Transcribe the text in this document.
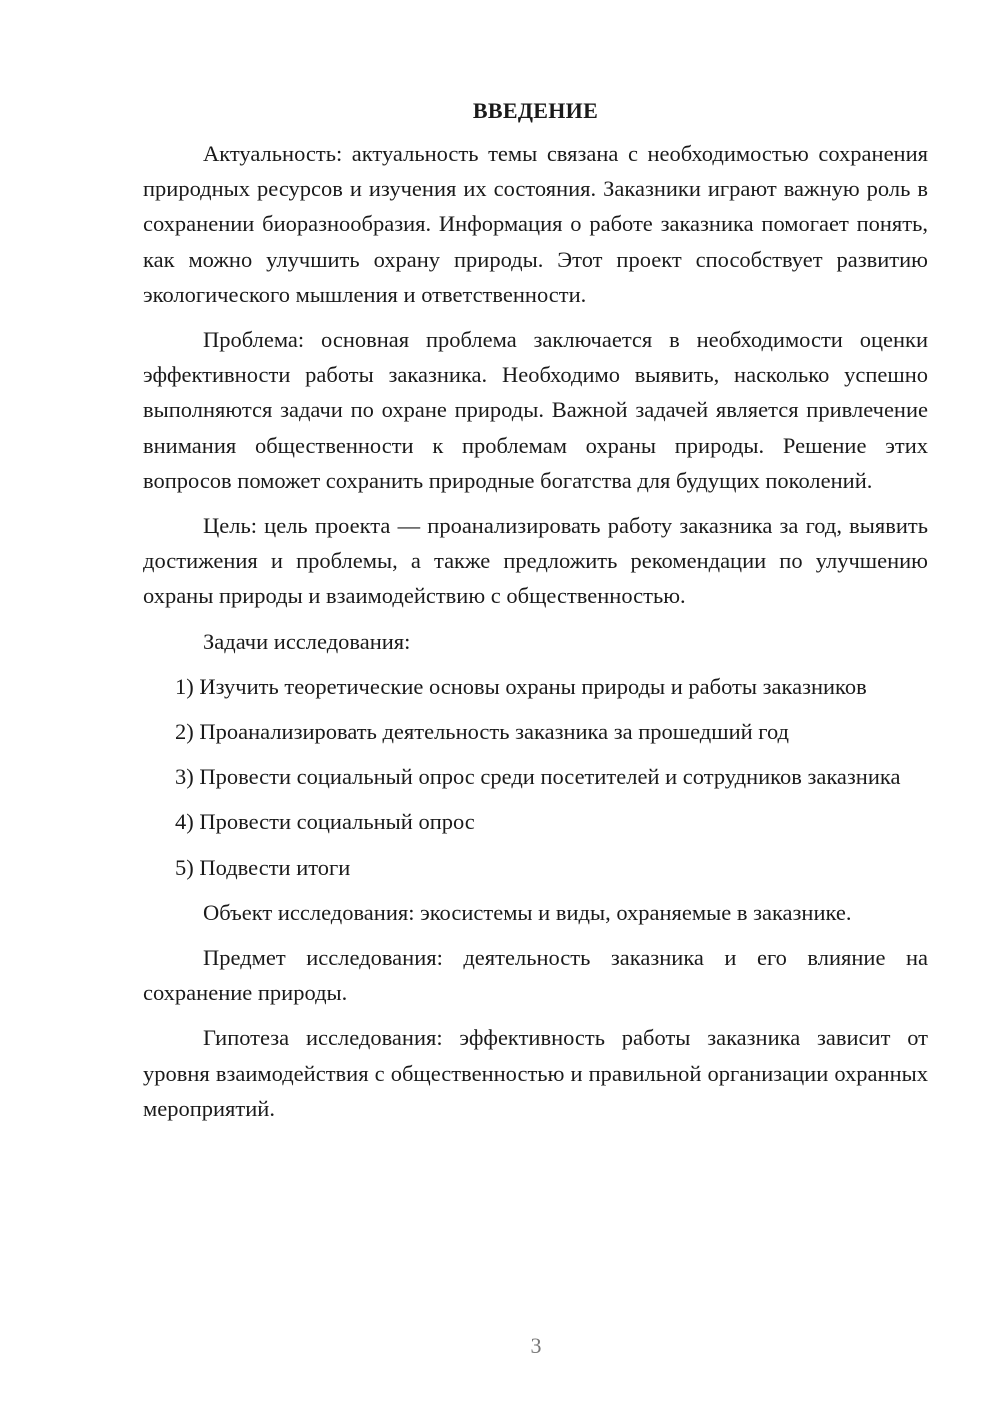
ВВЕДЕНИЕ

Актуальность: актуальность темы связана с необходимостью сохранения природных ресурсов и изучения их состояния. Заказники играют важную роль в сохранении биоразнообразия. Информация о работе заказника помогает понять, как можно улучшить охрану природы. Этот проект способствует развитию экологического мышления и ответственности.

Проблема: основная проблема заключается в необходимости оценки эффективности работы заказника. Необходимо выявить, насколько успешно выполняются задачи по охране природы. Важной задачей является привлечение внимания общественности к проблемам охраны природы. Решение этих вопросов поможет сохранить природные богатства для будущих поколений.

Цель: цель проекта — проанализировать работу заказника за год, выявить достижения и проблемы, а также предложить рекомендации по улучшению охраны природы и взаимодействию с общественностью.

Задачи исследования:

1) Изучить теоретические основы охраны природы и работы заказников

2) Проанализировать деятельность заказника за прошедший год

3) Провести социальный опрос среди посетителей и сотрудников заказника

4) Провести социальный опрос

5) Подвести итоги

Объект исследования: экосистемы и виды, охраняемые в заказнике.

Предмет исследования: деятельность заказника и его влияние на сохранение природы.

Гипотеза исследования: эффективность работы заказника зависит от уровня взаимодействия с общественностью и правильной организации охранных мероприятий.

3
